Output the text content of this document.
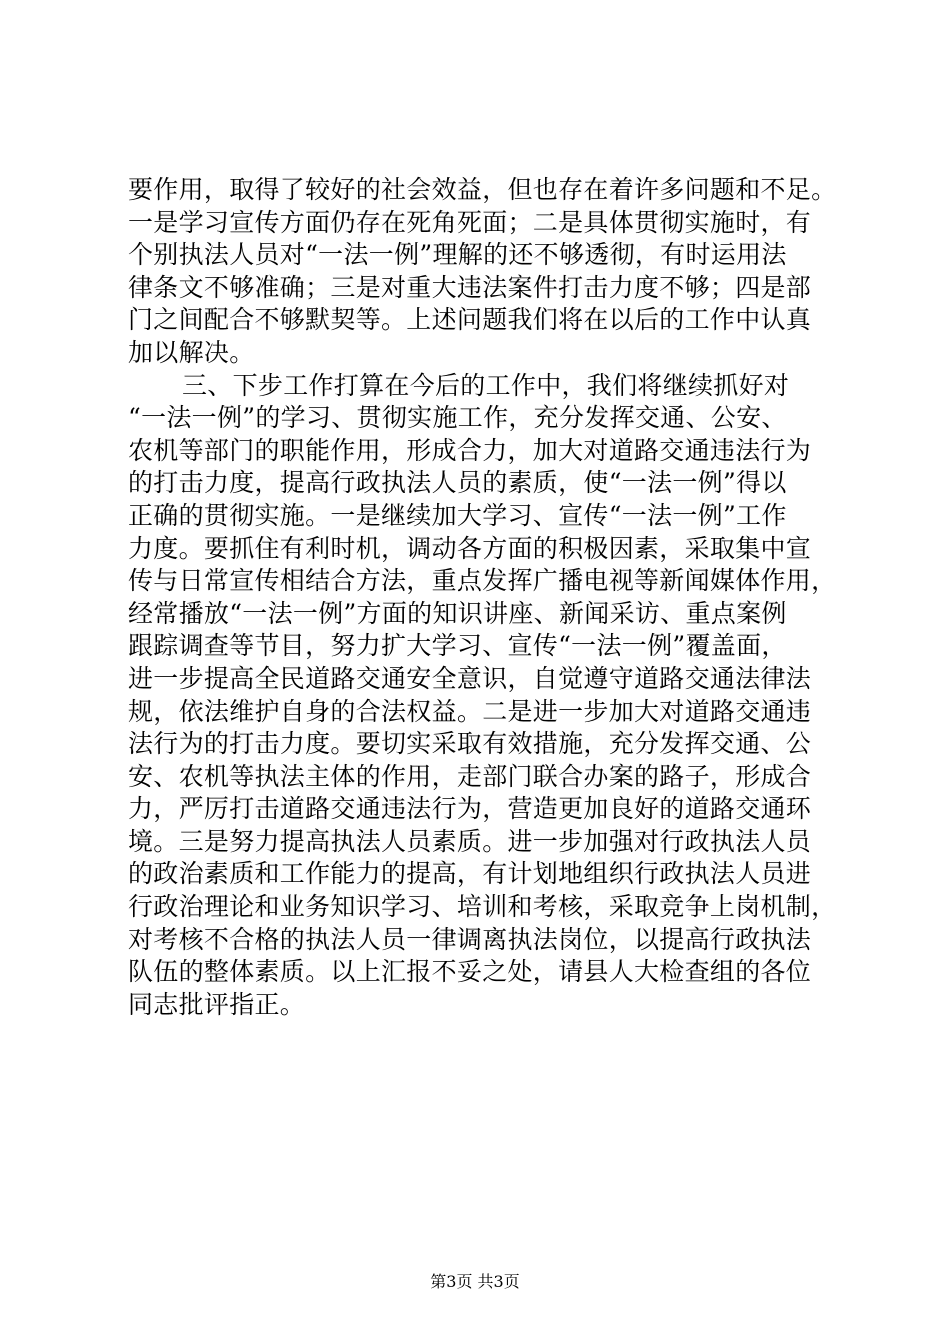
要作用，取得了较好的社会效益，但也存在着许多问题和不足。
一是学习宣传方面仍存在死角死面；二是具体贯彻实施时，有
个别执法人员对“一法一例”理解的还不够透彻，有时运用法
律条文不够准确；三是对重大违法案件打击力度不够；四是部
门之间配合不够默契等。上述问题我们将在以后的工作中认真
加以解决。
三、下步工作打算在今后的工作中，我们将继续抓好对
“一法一例”的学习、贯彻实施工作，充分发挥交通、公安、
农机等部门的职能作用，形成合力，加大对道路交通违法行为
的打击力度，提高行政执法人员的素质，使“一法一例”得以
正确的贯彻实施。一是继续加大学习、宣传“一法一例”工作
力度。要抓住有利时机，调动各方面的积极因素，采取集中宣
传与日常宣传相结合方法，重点发挥广播电视等新闻媒体作用，
经常播放“一法一例”方面的知识讲座、新闻采访、重点案例
跟踪调查等节目，努力扩大学习、宣传“一法一例”覆盖面，
进一步提高全民道路交通安全意识，自觉遵守道路交通法律法
规，依法维护自身的合法权益。二是进一步加大对道路交通违
法行为的打击力度。要切实采取有效措施，充分发挥交通、公
安、农机等执法主体的作用，走部门联合办案的路子，形成合
力，严厉打击道路交通违法行为，营造更加良好的道路交通环
境。三是努力提高执法人员素质。进一步加强对行政执法人员
的政治素质和工作能力的提高，有计划地组织行政执法人员进
行政治理论和业务知识学习、培训和考核，采取竞争上岗机制，
对考核不合格的执法人员一律调离执法岗位，以提高行政执法
队伍的整体素质。以上汇报不妥之处，请县人大检查组的各位
同志批评指正。
第3页 共3页
